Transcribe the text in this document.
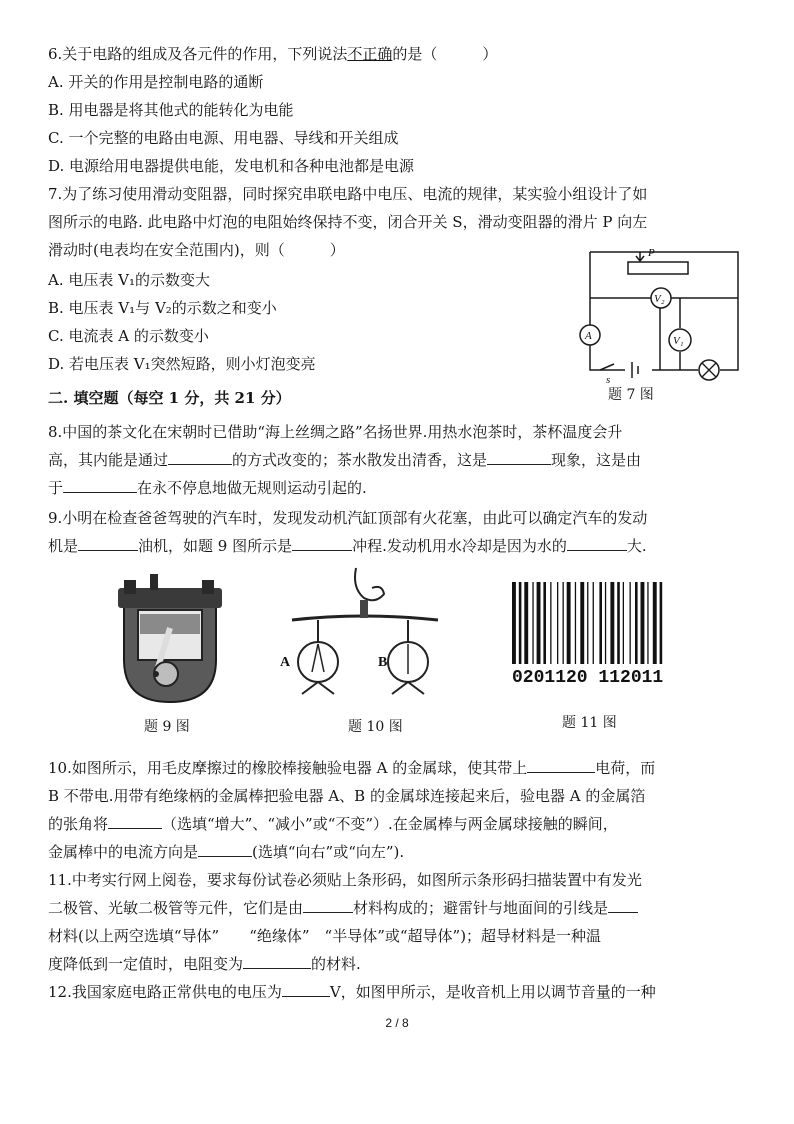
6.关于电路的组成及各元件的作用，下列说法不正确的是（　　　）
A. 开关的作用是控制电路的通断
B. 用电器是将其他式的能转化为电能
C. 一个完整的电路由电源、用电器、导线和开关组成
D. 电源给用电器提供电能，发电机和各种电池都是电源
7.为了练习使用滑动变阻器，同时探究串联电路中电压、电流的规律，某实验小组设计了如
图所示的电路. 此电路中灯泡的电阻始终保持不变，闭合开关 S，滑动变阻器的滑片 P 向左
滑动时(电表均在安全范围内)，则（　　　）
A. 电压表 V₁的示数变大
B. 电压表 V₁与 V₂的示数之和变小
C. 电流表 A 的示数变小
D. 若电压表 V₁突然短路，则小灯泡变亮
P
V₂
A	V₁
s
题 7 图
二. 填空题（每空 1 分，共 21 分）
8.中国的茶文化在宋朝时已借助“海上丝绸之路”名扬世界.用热水泡茶时，茶杯温度会升
高，其内能是通过	的方式改变的；茶水散发出清香，这是	现象，这是由
于	在永不停息地做无规则运动引起的.
9.小明在检查爸爸驾驶的汽车时，发现发动机汽缸顶部有火花塞，由此可以确定汽车的发动
机是	油机，如题 9 图所示是	冲程.发动机用水冷却是因为水的	大.
题 9 图
A	B
题 10 图
0201120 112011
题 11 图
10.如图所示，用毛皮摩擦过的橡胶棒接触验电器 A 的金属球，使其带上	电荷，而
B 不带电.用带有绝缘柄的金属棒把验电器 A、B 的金属球连接起来后，验电器 A 的金属箔
的张角将	（选填“增大”、“减小”或“不变”）.在金属棒与两金属球接触的瞬间，
金属棒中的电流方向是	(选填“向右”或“向左”).
11.中考实行网上阅卷，要求每份试卷必须贴上条形码，如图所示条形码扫描装置中有发光
二极管、光敏二极管等元件，它们是由	材料构成的；避雷针与地面间的引线是
材料(以上两空选填“导体”　　“绝缘体”　“半导体”或“超导体”)；超导材料是一种温
度降低到一定值时，电阻变为	的材料.
12.我国家庭电路正常供电的电压为	V，如图甲所示，是收音机上用以调节音量的一种
2 / 8
